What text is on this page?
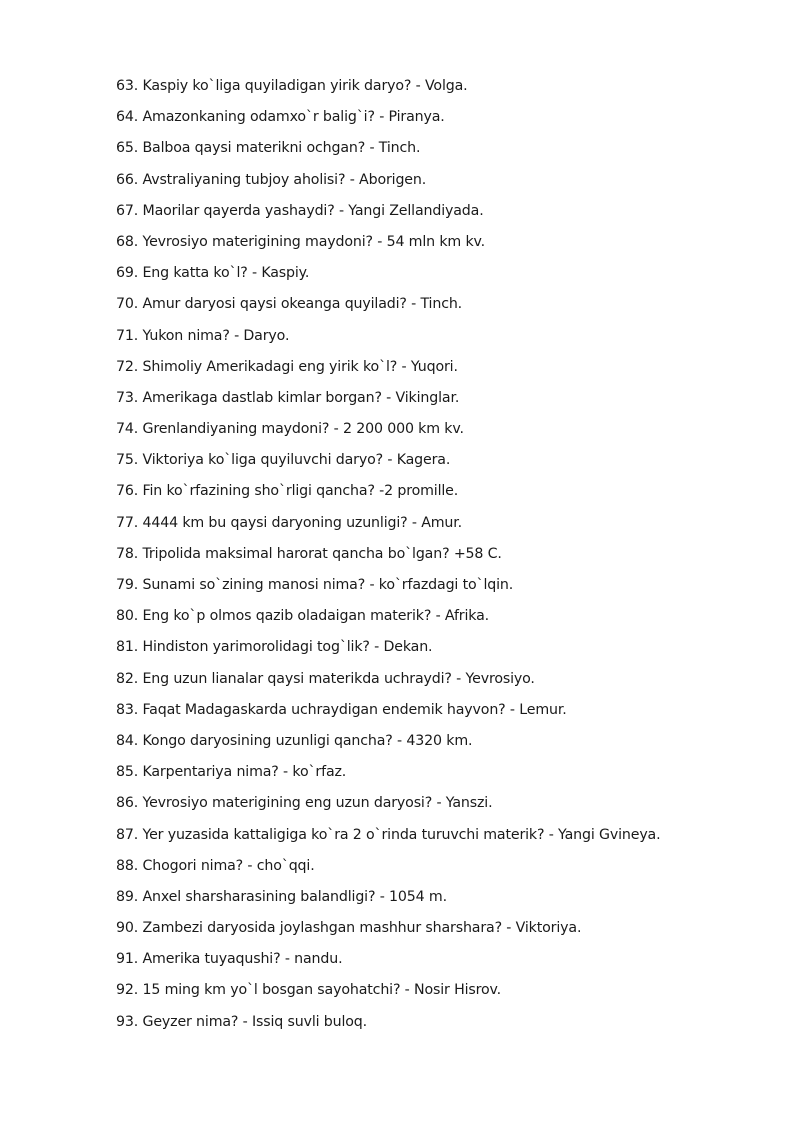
63. Kaspiy ko`liga quyiladigan yirik daryo? - Volga.
64. Amazonkaning odamxo`r balig`i? - Piranya.
65. Balboa qaysi materikni ochgan? - Tinch.
66. Avstraliyaning tubjoy aholisi? - Aborigen.
67. Maorilar qayerda yashaydi? - Yangi Zellandiyada.
68. Yevrosiyo materigining maydoni? - 54 mln km kv.
69. Eng katta ko`l? - Kaspiy.
70. Amur daryosi qaysi okeanga quyiladi? - Tinch.
71. Yukon nima? - Daryo.
72. Shimoliy Amerikadagi eng yirik ko`l? - Yuqori.
73. Amerikaga dastlab kimlar borgan? - Vikinglar.
74. Grenlandiyaning maydoni? - 2 200 000 km kv.
75. Viktoriya ko`liga quyiluvchi daryo? - Kagera.
76. Fin ko`rfazining sho`rligi qancha? -2 promille.
77. 4444 km bu qaysi daryoning uzunligi? - Amur.
78. Tripolida maksimal harorat qancha bo`lgan? +58 C.
79. Sunami so`zining manosi nima? - ko`rfazdagi to`lqin.
80. Eng ko`p olmos qazib oladaigan materik? - Afrika.
81. Hindiston yarimorolidagi tog`lik? - Dekan.
82. Eng uzun lianalar qaysi materikda uchraydi? - Yevrosiyo.
83. Faqat Madagaskarda uchraydigan endemik hayvon? - Lemur.
84. Kongo daryosining uzunligi qancha? - 4320 km.
85. Karpentariya nima? - ko`rfaz.
86. Yevrosiyo materigining eng uzun daryosi? - Yanszi.
87. Yer yuzasida kattaligiga ko`ra 2 o`rinda turuvchi materik? - Yangi Gvineya.
88. Chogori nima? - cho`qqi.
89. Anxel sharsharasining balandligi? - 1054 m.
90. Zambezi daryosida joylashgan mashhur sharshara? - Viktoriya.
91. Amerika tuyaqushi? - nandu.
92. 15 ming km yo`l bosgan sayohatchi? - Nosir Hisrov.
93. Geyzer nima? - Issiq suvli buloq.
